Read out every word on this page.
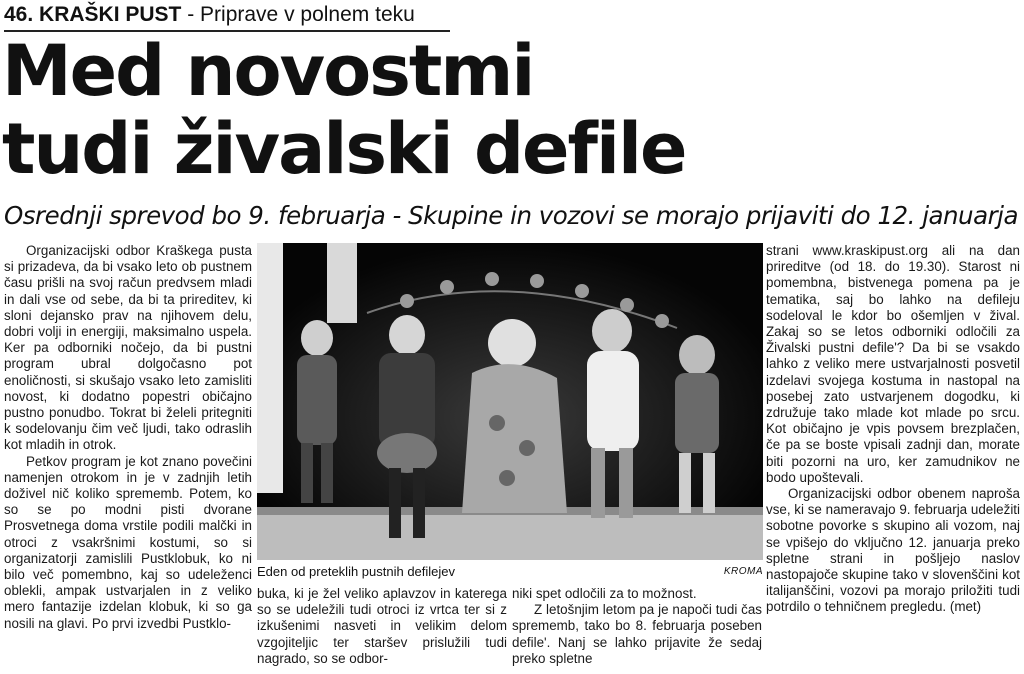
46. KRAŠKI PUST - Priprave v polnem teku
Med novostmi
tudi živalski defile
Osrednji sprevod bo 9. februarja - Skupine in vozovi se morajo prijaviti do 12. januarja

Organizacijski odbor Kraškega pusta si prizadeva, da bi vsako leto ob pustnem času prišli na svoj račun predvsem mladi in dali vse od sebe, da bi ta prireditev, ki sloni dejansko prav na njihovem delu, dobri volji in energiji, maksimalno uspela. Ker pa odborniki nočejo, da bi pustni program ubral dolgočasno pot enoličnosti, si skušajo vsako leto zamisliti novost, ki dodatno popestri običajno pustno ponudbo. Tokrat bi želeli pritegniti k sodelovanju čim več ljudi, tako odraslih kot mladih in otrok.

Petkov program je kot znano povečini namenjen otrokom in je v zadnjih letih doživel nič koliko sprememb. Potem, ko so se po modni pisti dvorane Prosvetnega doma vrstile podili malčki in otroci z vsakršnimi kostumi, so si organizatorji zamislili Pustklobuk, ko ni bilo več pomembno, kaj so udeleženci oblekli, ampak ustvarjalen in z veliko mero fantazije izdelan klobuk, ki so ga nosili na glavi. Po prvi izvedbi Pustklo-

Eden od preteklih pustnih defilejev	KROMA

buka, ki je žel veliko aplavzov in katerega so se udeležili tudi otroci iz vrtca ter si z izkušenimi nasveti in velikim delom vzgojiteljic ter staršev prislužili tudi nagrado, so se odbor-

niki spet odločili za to možnost.

Z letošnjim letom pa je napoči tudi čas sprememb, tako bo 8. februarja poseben defile'. Nanj se lahko prijavite že sedaj preko spletne

strani www.kraskipust.org ali na dan prireditve (od 18. do 19.30). Starost ni pomembna, bistvenega pomena pa je tematika, saj bo lahko na defileju sodeloval le kdor bo ošemljen v žival. Zakaj so se letos odborniki odločili za Živalski pustni defile'? Da bi se vsakdo lahko z veliko mere ustvarjalnosti posvetil izdelavi svojega kostuma in nastopal na posebej zato ustvarjenem dogodku, ki združuje tako mlade kot mlade po srcu. Kot običajno je vpis povsem brezplačen, če pa se boste vpisali zadnji dan, morate biti pozorni na uro, ker zamudnikov ne bodo upoštevali.

Organizacijski odbor obenem naproša vse, ki se nameravajo 9. februarja udeležiti sobotne povorke s skupino ali vozom, naj se vpišejo do vključno 12. januarja preko spletne strani in pošljejo naslov nastopajoče skupine tako v slovenščini kot italijanščini, vozovi pa morajo priložiti tudi potrdilo o tehničnem pregledu. (met)
